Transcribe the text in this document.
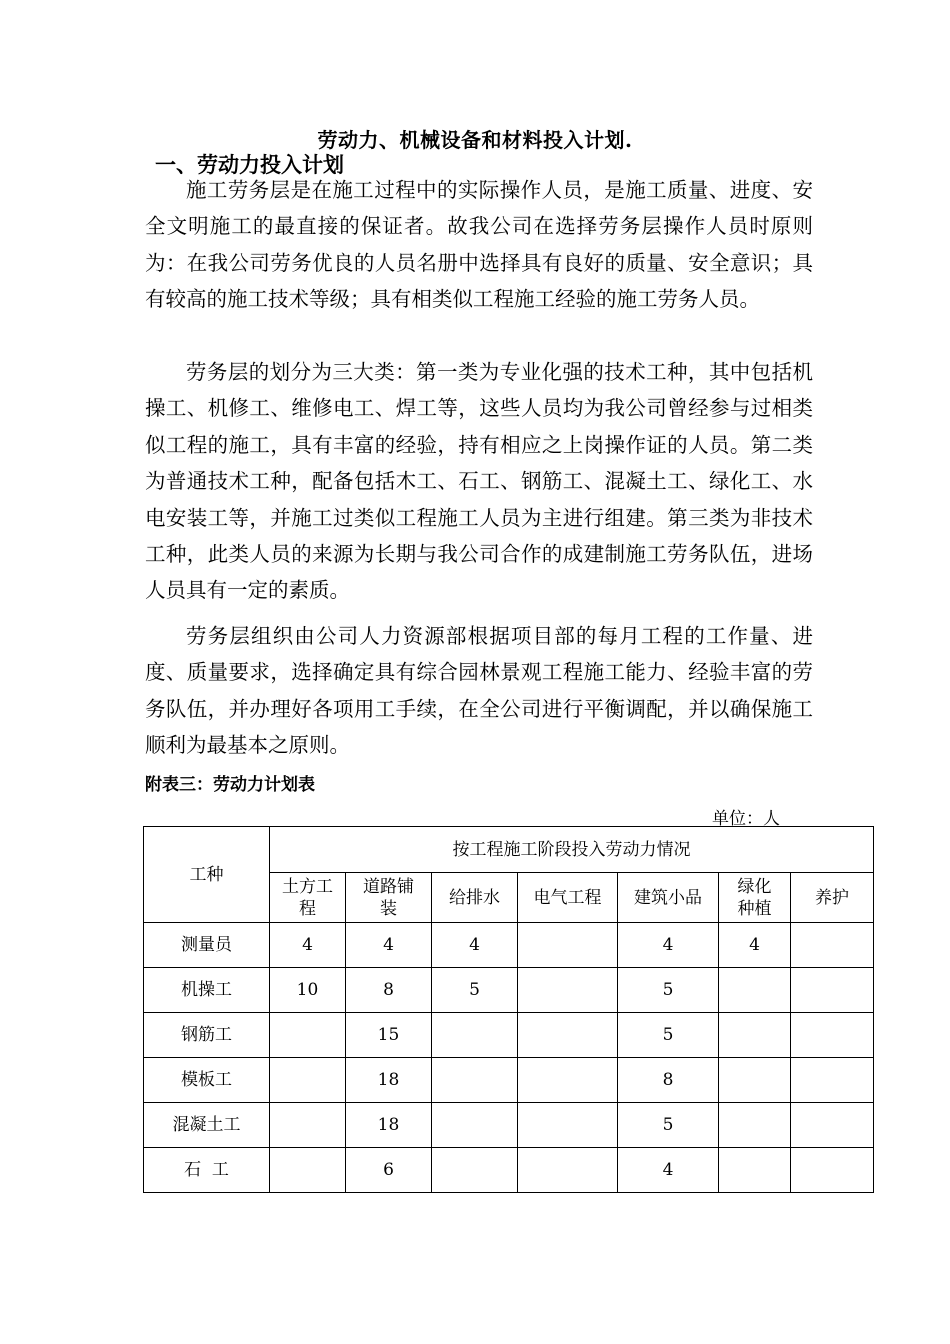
劳动力、机械设备和材料投入计划.
一、劳动力投入计划

施工劳务层是在施工过程中的实际操作人员，是施工质量、进度、安全文明施工的最直接的保证者。故我公司在选择劳务层操作人员时原则为：在我公司劳务优良的人员名册中选择具有良好的质量、安全意识；具有较高的施工技术等级；具有相类似工程施工经验的施工劳务人员。

劳务层的划分为三大类：第一类为专业化强的技术工种，其中包括机操工、机修工、维修电工、焊工等，这些人员均为我公司曾经参与过相类似工程的施工，具有丰富的经验，持有相应之上岗操作证的人员。第二类为普通技术工种，配备包括木工、石工、钢筋工、混凝土工、绿化工、水电安装工等，并施工过类似工程施工人员为主进行组建。第三类为非技术工种，此类人员的来源为长期与我公司合作的成建制施工劳务队伍，进场人员具有一定的素质。

劳务层组织由公司人力资源部根据项目部的每月工程的工作量、进度、质量要求，选择确定具有综合园林景观工程施工能力、经验丰富的劳务队伍，并办理好各项用工手续，在全公司进行平衡调配，并以确保施工顺利为最基本之原则。

附表三：劳动力计划表
单位：人
工种	按工程施工阶段投入劳动力情况						
	土方工程	道路铺装	给排水	电气工程	建筑小品	绿化种植	养护
测量员	4	4	4		4	4	
机操工	10	8	5		5		
钢筋工		15			5		
模板工		18			8		
混凝土工		18			5		
石  工		6			4		
